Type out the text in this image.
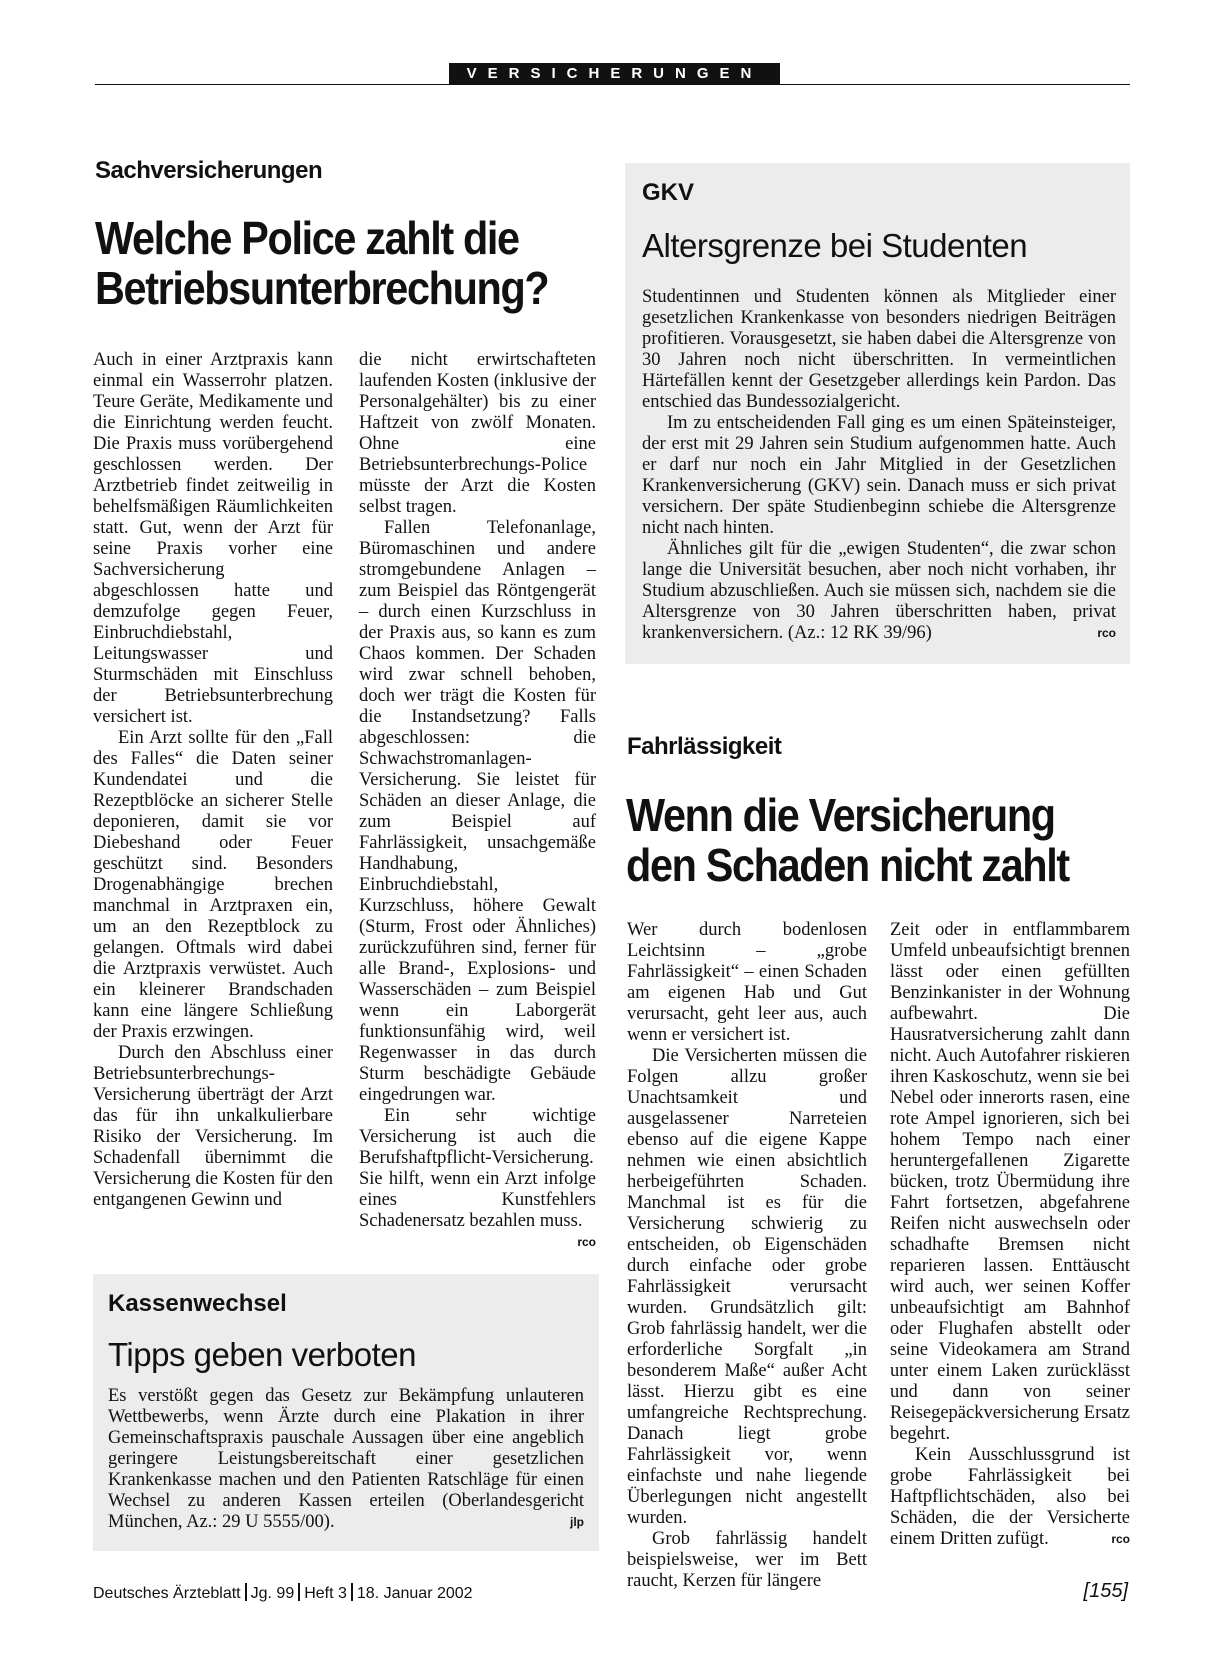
VERSICHERUNGEN
Sachversicherungen
Welche Police zahlt die
Betriebsunterbrechung?

Auch in einer Arztpraxis kann einmal ein Wasserrohr platzen. Teure Geräte, Medikamente und die Einrichtung werden feucht. Die Praxis muss vorübergehend geschlossen werden. Der Arztbetrieb findet zeitweilig in behelfsmäßigen Räumlichkeiten statt. Gut, wenn der Arzt für seine Praxis vorher eine Sachversicherung abgeschlossen hatte und demzufolge gegen Feuer, Einbruchdiebstahl, Leitungswasser und Sturmschäden mit Einschluss der Betriebsunterbrechung versichert ist.

Ein Arzt sollte für den „Fall des Falles“ die Daten seiner Kundendatei und die Rezeptblöcke an sicherer Stelle deponieren, damit sie vor Diebeshand oder Feuer geschützt sind. Besonders Drogenabhängige brechen manchmal in Arztpraxen ein, um an den Rezeptblock zu gelangen. Oftmals wird dabei die Arztpraxis verwüstet. Auch ein kleinerer Brandschaden kann eine längere Schließung der Praxis erzwingen.

Durch den Abschluss einer Betriebsunterbrechungs-Versicherung überträgt der Arzt das für ihn unkalkulierbare Risiko der Versicherung. Im Schadenfall übernimmt die Versicherung die Kosten für den entgangenen Gewinn und

die nicht erwirtschafteten laufenden Kosten (inklusive der Personalgehälter) bis zu einer Haftzeit von zwölf Monaten. Ohne eine Betriebsunterbrechungs-Police müsste der Arzt die Kosten selbst tragen.

Fallen Telefonanlage, Büromaschinen und andere stromgebundene Anlagen – zum Beispiel das Röntgengerät – durch einen Kurzschluss in der Praxis aus, so kann es zum Chaos kommen. Der Schaden wird zwar schnell behoben, doch wer trägt die Kosten für die Instandsetzung? Falls abgeschlossen: die Schwachstromanlagen-Versicherung. Sie leistet für Schäden an dieser Anlage, die zum Beispiel auf Fahrlässigkeit, unsachgemäße Handhabung, Einbruchdiebstahl, Kurzschluss, höhere Gewalt (Sturm, Frost oder Ähnliches) zurückzuführen sind, ferner für alle Brand-, Explosions- und Wasserschäden – zum Beispiel wenn ein Laborgerät funktionsunfähig wird, weil Regenwasser in das durch Sturm beschädigte Gebäude eingedrungen war.

Ein sehr wichtige Versicherung ist auch die Berufshaftpflicht-Versicherung. Sie hilft, wenn ein Arzt infolge eines Kunstfehlers Schadenersatz bezahlen muss.
rco

GKV
Altersgrenze bei Studenten

Studentinnen und Studenten können als Mitglieder einer gesetzlichen Krankenkasse von besonders niedrigen Beiträgen profitieren. Vorausgesetzt, sie haben dabei die Altersgrenze von 30 Jahren noch nicht überschritten. In vermeintlichen Härtefällen kennt der Gesetzgeber allerdings kein Pardon. Das entschied das Bundessozialgericht.

Im zu entscheidenden Fall ging es um einen Späteinsteiger, der erst mit 29 Jahren sein Studium aufgenommen hatte. Auch er darf nur noch ein Jahr Mitglied in der Gesetzlichen Krankenversicherung (GKV) sein. Danach muss er sich privat versichern. Der späte Studienbeginn schiebe die Altersgrenze nicht nach hinten.

Ähnliches gilt für die „ewigen Studenten“, die zwar schon lange die Universität besuchen, aber noch nicht vorhaben, ihr Studium abzuschließen. Auch sie müssen sich, nachdem sie die Altersgrenze von 30 Jahren überschritten haben, privat krankenversichern. (Az.: 12 RK 39/96)	rco

Fahrlässigkeit
Wenn die Versicherung
den Schaden nicht zahlt

Wer durch bodenlosen Leichtsinn – „grobe Fahrlässigkeit“ – einen Schaden am eigenen Hab und Gut verursacht, geht leer aus, auch wenn er versichert ist.

Die Versicherten müssen die Folgen allzu großer Unachtsamkeit und ausgelassener Narreteien ebenso auf die eigene Kappe nehmen wie einen absichtlich herbeigeführten Schaden. Manchmal ist es für die Versicherung schwierig zu entscheiden, ob Eigenschäden durch einfache oder grobe Fahrlässigkeit verursacht wurden. Grundsätzlich gilt: Grob fahrlässig handelt, wer die erforderliche Sorgfalt „in besonderem Maße“ außer Acht lässt. Hierzu gibt es eine umfangreiche Rechtsprechung. Danach liegt grobe Fahrlässigkeit vor, wenn einfachste und nahe liegende Überlegungen nicht angestellt wurden.

Grob fahrlässig handelt beispielsweise, wer im Bett raucht, Kerzen für längere

Zeit oder in entflammbarem Umfeld unbeaufsichtigt brennen lässt oder einen gefüllten Benzinkanister in der Wohnung aufbewahrt. Die Hausratversicherung zahlt dann nicht. Auch Autofahrer riskieren ihren Kaskoschutz, wenn sie bei Nebel oder innerorts rasen, eine rote Ampel ignorieren, sich bei hohem Tempo nach einer heruntergefallenen Zigarette bücken, trotz Übermüdung ihre Fahrt fortsetzen, abgefahrene Reifen nicht auswechseln oder schadhafte Bremsen nicht reparieren lassen. Enttäuscht wird auch, wer seinen Koffer unbeaufsichtigt am Bahnhof oder Flughafen abstellt oder seine Videokamera am Strand unter einem Laken zurücklässt und dann von seiner Reisegepäckversicherung Ersatz begehrt.

Kein Ausschlussgrund ist grobe Fahrlässigkeit bei Haftpflichtschäden, also bei Schäden, die der Versicherte einem Dritten zufügt.	rco

Kassenwechsel
Tipps geben verboten

Es verstößt gegen das Gesetz zur Bekämpfung unlauteren Wettbewerbs, wenn Ärzte durch eine Plakation in ihrer Gemeinschaftspraxis pauschale Aussagen über eine angeblich geringere Leistungsbereitschaft einer gesetzlichen Krankenkasse machen und den Patienten Ratschläge für einen Wechsel zu anderen Kassen erteilen (Oberlandesgericht München, Az.: 29 U 5555/00).	jlp

Deutsches Ärzteblatt Jg. 99 Heft 3 18. Januar 2002	[155]
